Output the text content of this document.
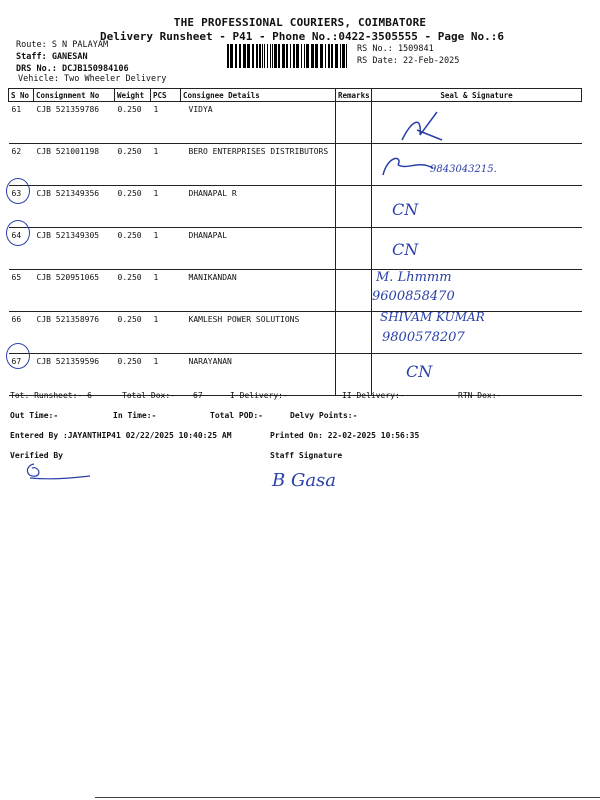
THE PROFESSIONAL COURIERS, COIMBATORE
Delivery Runsheet - P41 - Phone No.:0422-3505555 - Page No.:6
Route: S N PALAYAM
Staff: GANESAN
DRS No.: DCJB150984106
Vehicle: Two Wheeler Delivery
RS No.: 1509841
RS Date: 22-Feb-2025
S No	Consignment No	Weight	PCS	Consignee Details	Remarks	Seal & Signature
61	CJB 521359786	0.250	1	VIDYA		

62	CJB 521001198	0.250	1	BERO ENTERPRISES DISTRIBUTORS		9843043215.

63	CJB 521349356	0.250	1	DHANAPAL R		CN

64	CJB 521349305	0.250	1	DHANAPAL		CN

65	CJB 520951065	0.250	1	MANIKANDAN		M. Lhmmm
9600858470

66	CJB 521358976	0.250	1	KAMLESH POWER SOLUTIONS		SHIVAM KUMAR
9800578207

67	CJB 521359596	0.250	1	NARAYANAN		CN
Tot. Runsheet:- 6	Total Dox:- 67	I Delivery:-	II Delivery:-	RTN Dox:-
Out Time:-	In Time:-	Total POD:-	Delvy Points:-
Entered By :JAYANTHIP41 02/22/2025 10:40:25 AM	Printed On: 22-02-2025 10:56:35
Verified By	Staff Signature
B Gasa
